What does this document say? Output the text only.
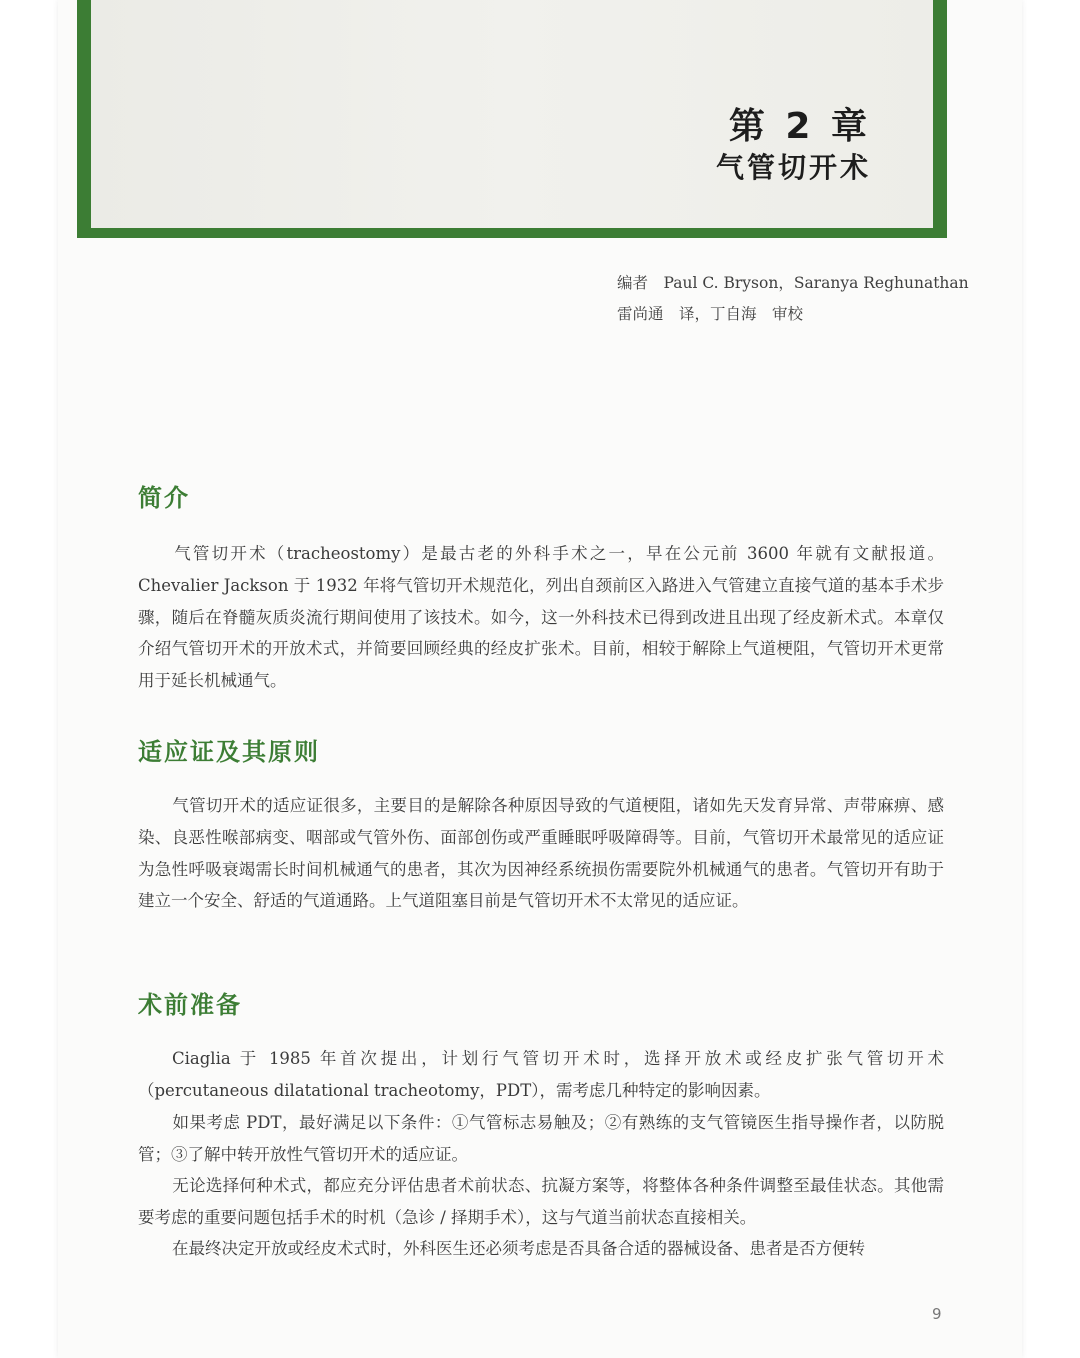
第 2 章
气管切开术
编者　Paul C. Bryson，Saranya Reghunathan
雷尚通　译，丁自海　审校
简介

气管切开术（tracheostomy）是最古老的外科手术之一，早在公元前 3600 年就有文献报道。Chevalier Jackson 于 1932 年将气管切开术规范化，列出自颈前区入路进入气管建立直接气道的基本手术步骤，随后在脊髓灰质炎流行期间使用了该技术。如今，这一外科技术已得到改进且出现了经皮新术式。本章仅介绍气管切开术的开放术式，并简要回顾经典的经皮扩张术。目前，相较于解除上气道梗阻，气管切开术更常用于延长机械通气。

适应证及其原则

气管切开术的适应证很多，主要目的是解除各种原因导致的气道梗阻，诸如先天发育异常、声带麻痹、感染、良恶性喉部病变、咽部或气管外伤、面部创伤或严重睡眠呼吸障碍等。目前，气管切开术最常见的适应证为急性呼吸衰竭需长时间机械通气的患者，其次为因神经系统损伤需要院外机械通气的患者。气管切开有助于建立一个安全、舒适的气道通路。上气道阻塞目前是气管切开术不太常见的适应证。

术前准备

Ciaglia 于 1985 年首次提出，计划行气管切开术时，选择开放术或经皮扩张气管切开术（percutaneous dilatational tracheotomy，PDT），需考虑几种特定的影响因素。

如果考虑 PDT，最好满足以下条件：①气管标志易触及；②有熟练的支气管镜医生指导操作者，以防脱管；③了解中转开放性气管切开术的适应证。

无论选择何种术式，都应充分评估患者术前状态、抗凝方案等，将整体各种条件调整至最佳状态。其他需要考虑的重要问题包括手术的时机（急诊 / 择期手术），这与气道当前状态直接相关。

在最终决定开放或经皮术式时，外科医生还必须考虑是否具备合适的器械设备、患者是否方便转

9
